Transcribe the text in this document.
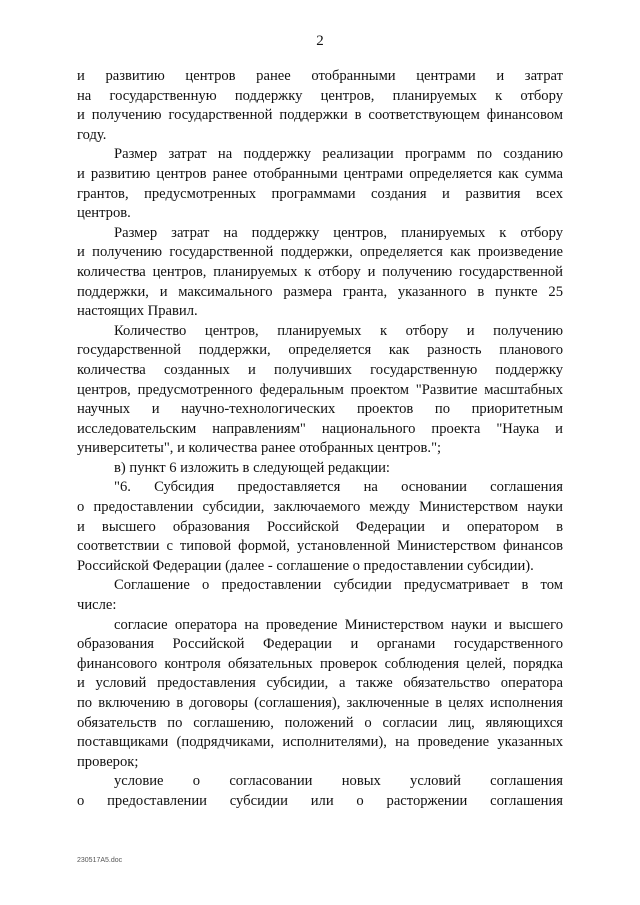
2
и развитию центров ранее отобранными центрами и затрат
на государственную поддержку центров, планируемых к отбору
и получению государственной поддержки в соответствующем финансовом
году.
Размер затрат на поддержку реализации программ по созданию
и развитию центров ранее отобранными центрами определяется как сумма
грантов, предусмотренных программами создания и развития всех
центров.
Размер затрат на поддержку центров, планируемых к отбору
и получению государственной поддержки, определяется как произведение
количества центров, планируемых к отбору и получению государственной
поддержки, и максимального размера гранта, указанного в пункте 25
настоящих Правил.
Количество центров, планируемых к отбору и получению
государственной поддержки, определяется как разность планового
количества созданных и получивших государственную поддержку
центров, предусмотренного федеральным проектом "Развитие масштабных
научных и научно-технологических проектов по приоритетным
исследовательским направлениям" национального проекта "Наука и
университеты", и количества ранее отобранных центров.";
в) пункт 6 изложить в следующей редакции:
"6. Субсидия предоставляется на основании соглашения
о предоставлении субсидии, заключаемого между Министерством науки
и высшего образования Российской Федерации и оператором в
соответствии с типовой формой, установленной Министерством финансов
Российской Федерации (далее - соглашение о предоставлении субсидии).
Соглашение о предоставлении субсидии предусматривает в том
числе:
согласие оператора на проведение Министерством науки и высшего
образования Российской Федерации и органами государственного
финансового контроля обязательных проверок соблюдения целей, порядка
и условий предоставления субсидии, а также обязательство оператора
по включению в договоры (соглашения), заключенные в целях исполнения
обязательств по соглашению, положений о согласии лиц, являющихся
поставщиками (подрядчиками, исполнителями), на проведение указанных
проверок;
условие о согласовании новых условий соглашения
о предоставлении субсидии или о расторжении соглашения
230517А5.doc
